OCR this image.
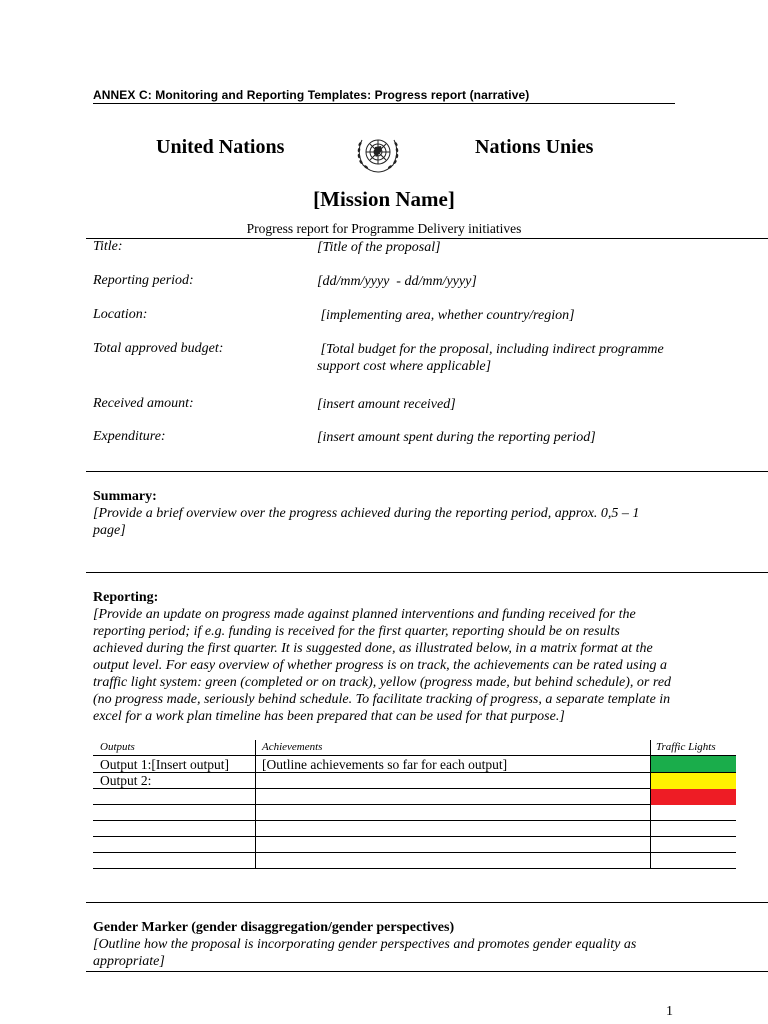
ANNEX C: Monitoring and Reporting Templates: Progress report (narrative)
United Nations	Nations Unies
[Mission Name]
Progress report for Programme Delivery initiatives
Title:	[Title of the proposal]
Reporting period:	[dd/mm/yyyy  - dd/mm/yyyy]
Location:	[implementing area, whether country/region]
Total approved budget:	[Total budget for the proposal, including indirect programme
support cost where applicable]
Received amount:	[insert amount received]
Expenditure:	[insert amount spent during the reporting period]
Summary:
[Provide a brief overview over the progress achieved during the reporting period, approx. 0,5 – 1
page]
Reporting:
[Provide an update on progress made against planned interventions and funding received for the
reporting period; if e.g. funding is received for the first quarter, reporting should be on results
achieved during the first quarter. It is suggested done, as illustrated below, in a matrix format at the
output level. For easy overview of whether progress is on track, the achievements can be rated using a
traffic light system: green (completed or on track), yellow (progress made, but behind schedule), or red
(no progress made, seriously behind schedule. To facilitate tracking of progress, a separate template in
excel for a work plan timeline has been prepared that can be used for that purpose.]
Outputs	Achievements	Traffic Lights
Output 1:[Insert output] [Outline achievements so far for each output]
Output 2:
Gender Marker (gender disaggregation/gender perspectives)
[Outline how the proposal is incorporating gender perspectives and promotes gender equality as
appropriate]
1
